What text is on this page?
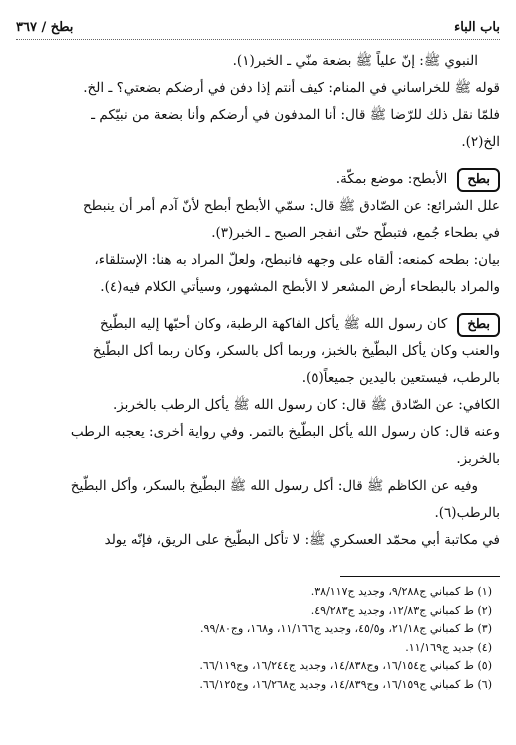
باب الباء
بطخ / ٣٦٧

النبوي ﷺ: إنّ علياً ﷺ بضعة منّي ـ الخبر(١).

قوله ﷺ للخراساني في المنام: كيف أنتم إذا دفن في أرضكم بضعتي؟ ـ الخ.

فلمّا نقل ذلك للرّضا ﷺ قال: أنا المدفون في أرضكم وأنا بضعة من نبيّكم ـ

الخ(٢).

بطح
الأبطح: موضع بمكّة.

علل الشرائع: عن الصّادق ﷺ قال: سمّي الأبطح أبطح لأنّ آدم أمر أن ينبطح

في بطحاء جُمع، فتبطّح حتّى انفجر الصبح ـ الخبر(٣).

بيان: بطحه كمنعه: ألقاه على وجهه فانبطح، ولعلّ المراد به هنا: الإستلقاء،

والمراد بالبطحاء أرض المشعر لا الأبطح المشهور، وسيأتي الكلام فيه(٤).

بطخ
كان رسول الله ﷺ يأكل الفاكهة الرطبة، وكان أحبّها إليه البطّيخ

والعنب وكان يأكل البطّيخ بالخبز، وربما أكل بالسكر، وكان ربما أكل البطّيخ

بالرطب، فيستعين باليدين جميعاً(٥).

الكافي: عن الصّادق ﷺ قال: كان رسول الله ﷺ يأكل الرطب بالخربز.

وعنه قال: كان رسول الله يأكل البطّيخ بالتمر. وفي رواية أخرى: يعجبه الرطب

بالخربز.

وفيه عن الكاظم ﷺ قال: أكل رسول الله ﷺ البطّيخ بالسكر، وأكل البطّيخ

بالرطب(٦).

في مكاتبة أبي محمّد العسكري ﷺ: لا تأكل البطّيخ على الريق، فإنّه يولد

(١) ط كمباني ج٩/٢٨٨، وجديد ج٣٨/١١٧.

(٢) ط كمباني ج١٢/٨٣، وجديد ج٤٩/٢٨٣.

(٣) ط كمباني ج٢١/١٨، و٤٥/٥، وجديد ج١١/١٦٦، و١٦٨، وج٩٩/٨٠.

(٤) جديد ج١١/١٦٩.

(٥) ط كمباني ج١٦/١٥٤، وج١٤/٨٣٨، وجديد ج١٦/٢٤٤، وج٦٦/١١٩.

(٦) ط كمباني ج١٦/١٥٩، وج١٤/٨٣٩، وجديد ج١٦/٢٦٨، وج٦٦/١٢٥.
